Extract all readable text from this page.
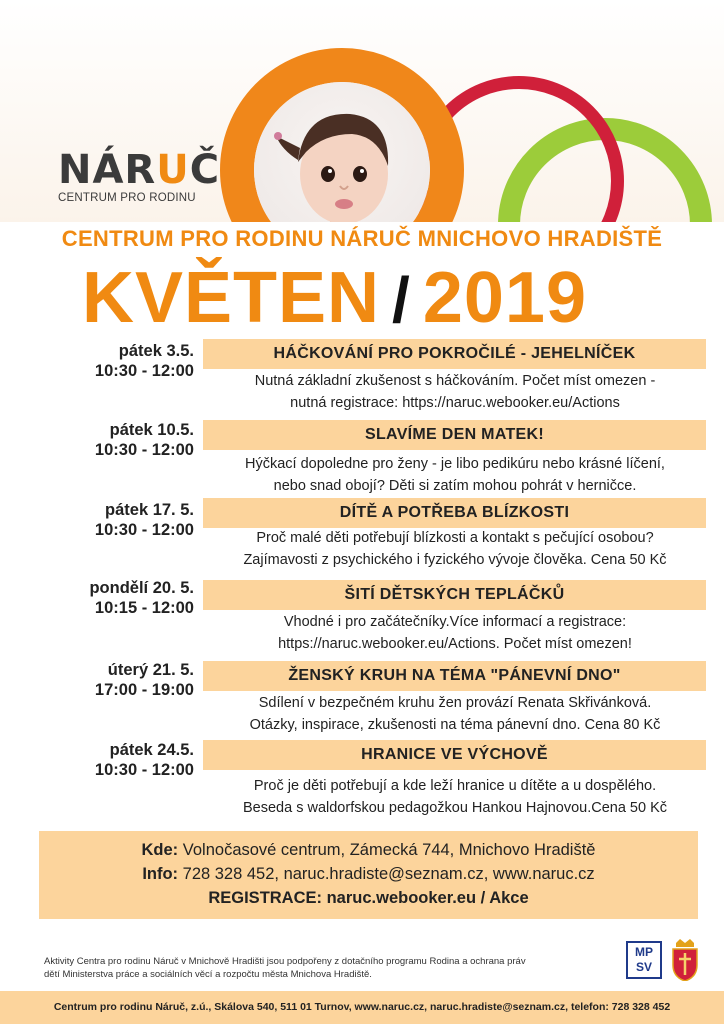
NÁRUČ
CENTRUM PRO RODINU
CENTRUM PRO RODINU NÁRUČ MNICHOVO HRADIŠTĚ
KVĚTEN / 2019
pátek 3.5.
10:30 - 12:00
HÁČKOVÁNÍ PRO POKROČILÉ - JEHELNÍČEK
Nutná základní zkušenost s háčkováním. Počet míst omezen -
nutná registrace: https://naruc.webooker.eu/Actions
pátek 10.5.
10:30 - 12:00
SLAVÍME DEN MATEK!
Hýčkací dopoledne pro ženy - je libo pedikúru nebo krásné líčení,
nebo snad obojí? Děti si zatím mohou pohrát v herničce.
pátek 17. 5.
10:30 - 12:00
DÍTĚ A POTŘEBA BLÍZKOSTI
Proč malé děti potřebují blízkosti a kontakt s pečující osobou?
Zajímavosti z psychického i fyzického vývoje člověka. Cena 50 Kč
pondělí 20. 5.
10:15 - 12:00
ŠITÍ DĚTSKÝCH TEPLÁČKŮ
Vhodné i pro začátečníky.Více informací a registrace:
https://naruc.webooker.eu/Actions. Počet míst omezen!
úterý 21. 5.
17:00 - 19:00
ŽENSKÝ KRUH NA TÉMA "PÁNEVNÍ DNO"
Sdílení v bezpečném kruhu žen provází Renata Skřivánková.
Otázky, inspirace, zkušenosti na téma pánevní dno. Cena 80 Kč
pátek 24.5.
10:30 - 12:00
HRANICE VE VÝCHOVĚ
Proč je děti potřebují a kde leží hranice u dítěte a u dospělého.
Beseda s waldorfskou pedagožkou Hankou Hajnovou.Cena 50 Kč
Kde: Volnočasové centrum, Zámecká 744, Mnichovo Hradiště
Info: 728 328 452, naruc.hradiste@seznam.cz, www.naruc.cz
REGISTRACE: naruc.webooker.eu / Akce
Aktivity Centra pro rodinu Náruč v Mnichově Hradišti jsou podpořeny z dotačního programu Rodina a ochrana práv
dětí Ministerstva práce a sociálních věcí a rozpočtu města Mnichova Hradiště.
MP
SV
Centrum pro rodinu Náruč, z.ú., Skálova 540, 511 01 Turnov, www.naruc.cz, naruc.hradiste@seznam.cz, telefon: 728 328 452
